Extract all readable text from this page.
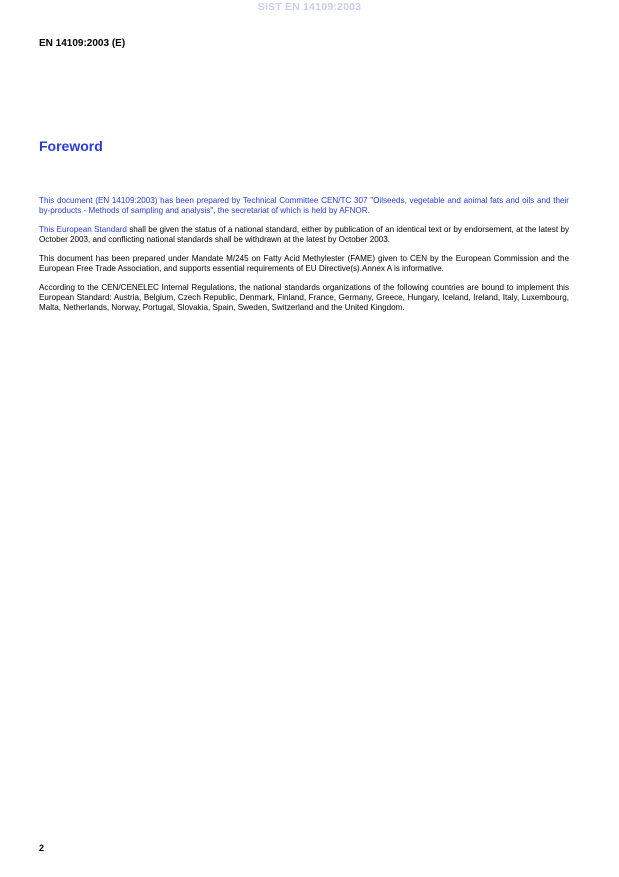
SIST EN 14109:2003
EN 14109:2003 (E)
Foreword

This document (EN 14109:2003) has been prepared by Technical Committee CEN/TC 307 "Oilseeds, vegetable and animal fats and oils and their by-products - Methods of sampling and analysis", the secretariat of which is held by AFNOR.

This European Standard shall be given the status of a national standard, either by publication of an identical text or by endorsement, at the latest by October 2003, and conflicting national standards shall be withdrawn at the latest by October 2003.

This document has been prepared under Mandate M/245 on Fatty Acid Methylester (FAME) given to CEN by the European Commission and the European Free Trade Association, and supports essential requirements of EU Directive(s).Annex A is informative.

According to the CEN/CENELEC Internal Regulations, the national standards organizations of the following countries are bound to implement this European Standard: Austria, Belgium, Czech Republic, Denmark, Finland, France, Germany, Greece, Hungary, Iceland, Ireland, Italy, Luxembourg, Malta, Netherlands, Norway, Portugal, Slovakia, Spain, Sweden, Switzerland and the United Kingdom.

2
